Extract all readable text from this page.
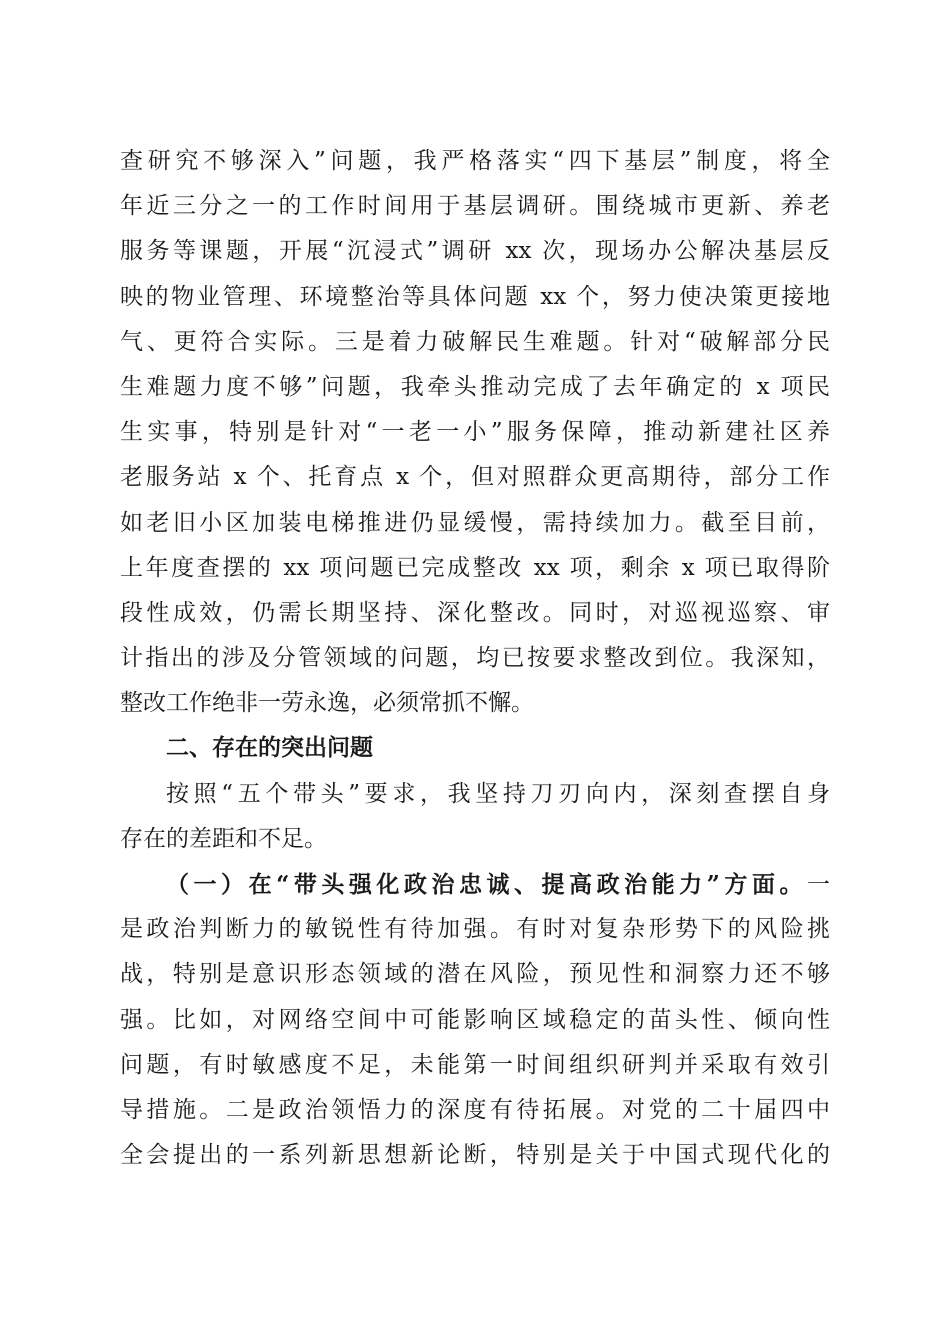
查研究不够深入”问题，我严格落实“四下基层”制度，将全
年近三分之一的工作时间用于基层调研。围绕城市更新、养老
服务等课题，开展“沉浸式”调研 xx 次，现场办公解决基层反
映的物业管理、环境整治等具体问题 xx 个，努力使决策更接地
气、更符合实际。三是着力破解民生难题。针对“破解部分民
生难题力度不够”问题，我牵头推动完成了去年确定的 x 项民
生实事，特别是针对“一老一小”服务保障，推动新建社区养
老服务站 x 个、托育点 x 个，但对照群众更高期待，部分工作
如老旧小区加装电梯推进仍显缓慢，需持续加力。截至目前，
上年度查摆的 xx 项问题已完成整改 xx 项，剩余 x 项已取得阶
段性成效，仍需长期坚持、深化整改。同时，对巡视巡察、审
计指出的涉及分管领域的问题，均已按要求整改到位。我深知，
整改工作绝非一劳永逸，必须常抓不懈。
二、存在的突出问题
按照“五个带头”要求，我坚持刀刃向内，深刻查摆自身
存在的差距和不足。
（一）在“带头强化政治忠诚、提高政治能力”方面。一
是政治判断力的敏锐性有待加强。有时对复杂形势下的风险挑
战，特别是意识形态领域的潜在风险，预见性和洞察力还不够
强。比如，对网络空间中可能影响区域稳定的苗头性、倾向性
问题，有时敏感度不足，未能第一时间组织研判并采取有效引
导措施。二是政治领悟力的深度有待拓展。对党的二十届四中
全会提出的一系列新思想新论断，特别是关于中国式现代化的
